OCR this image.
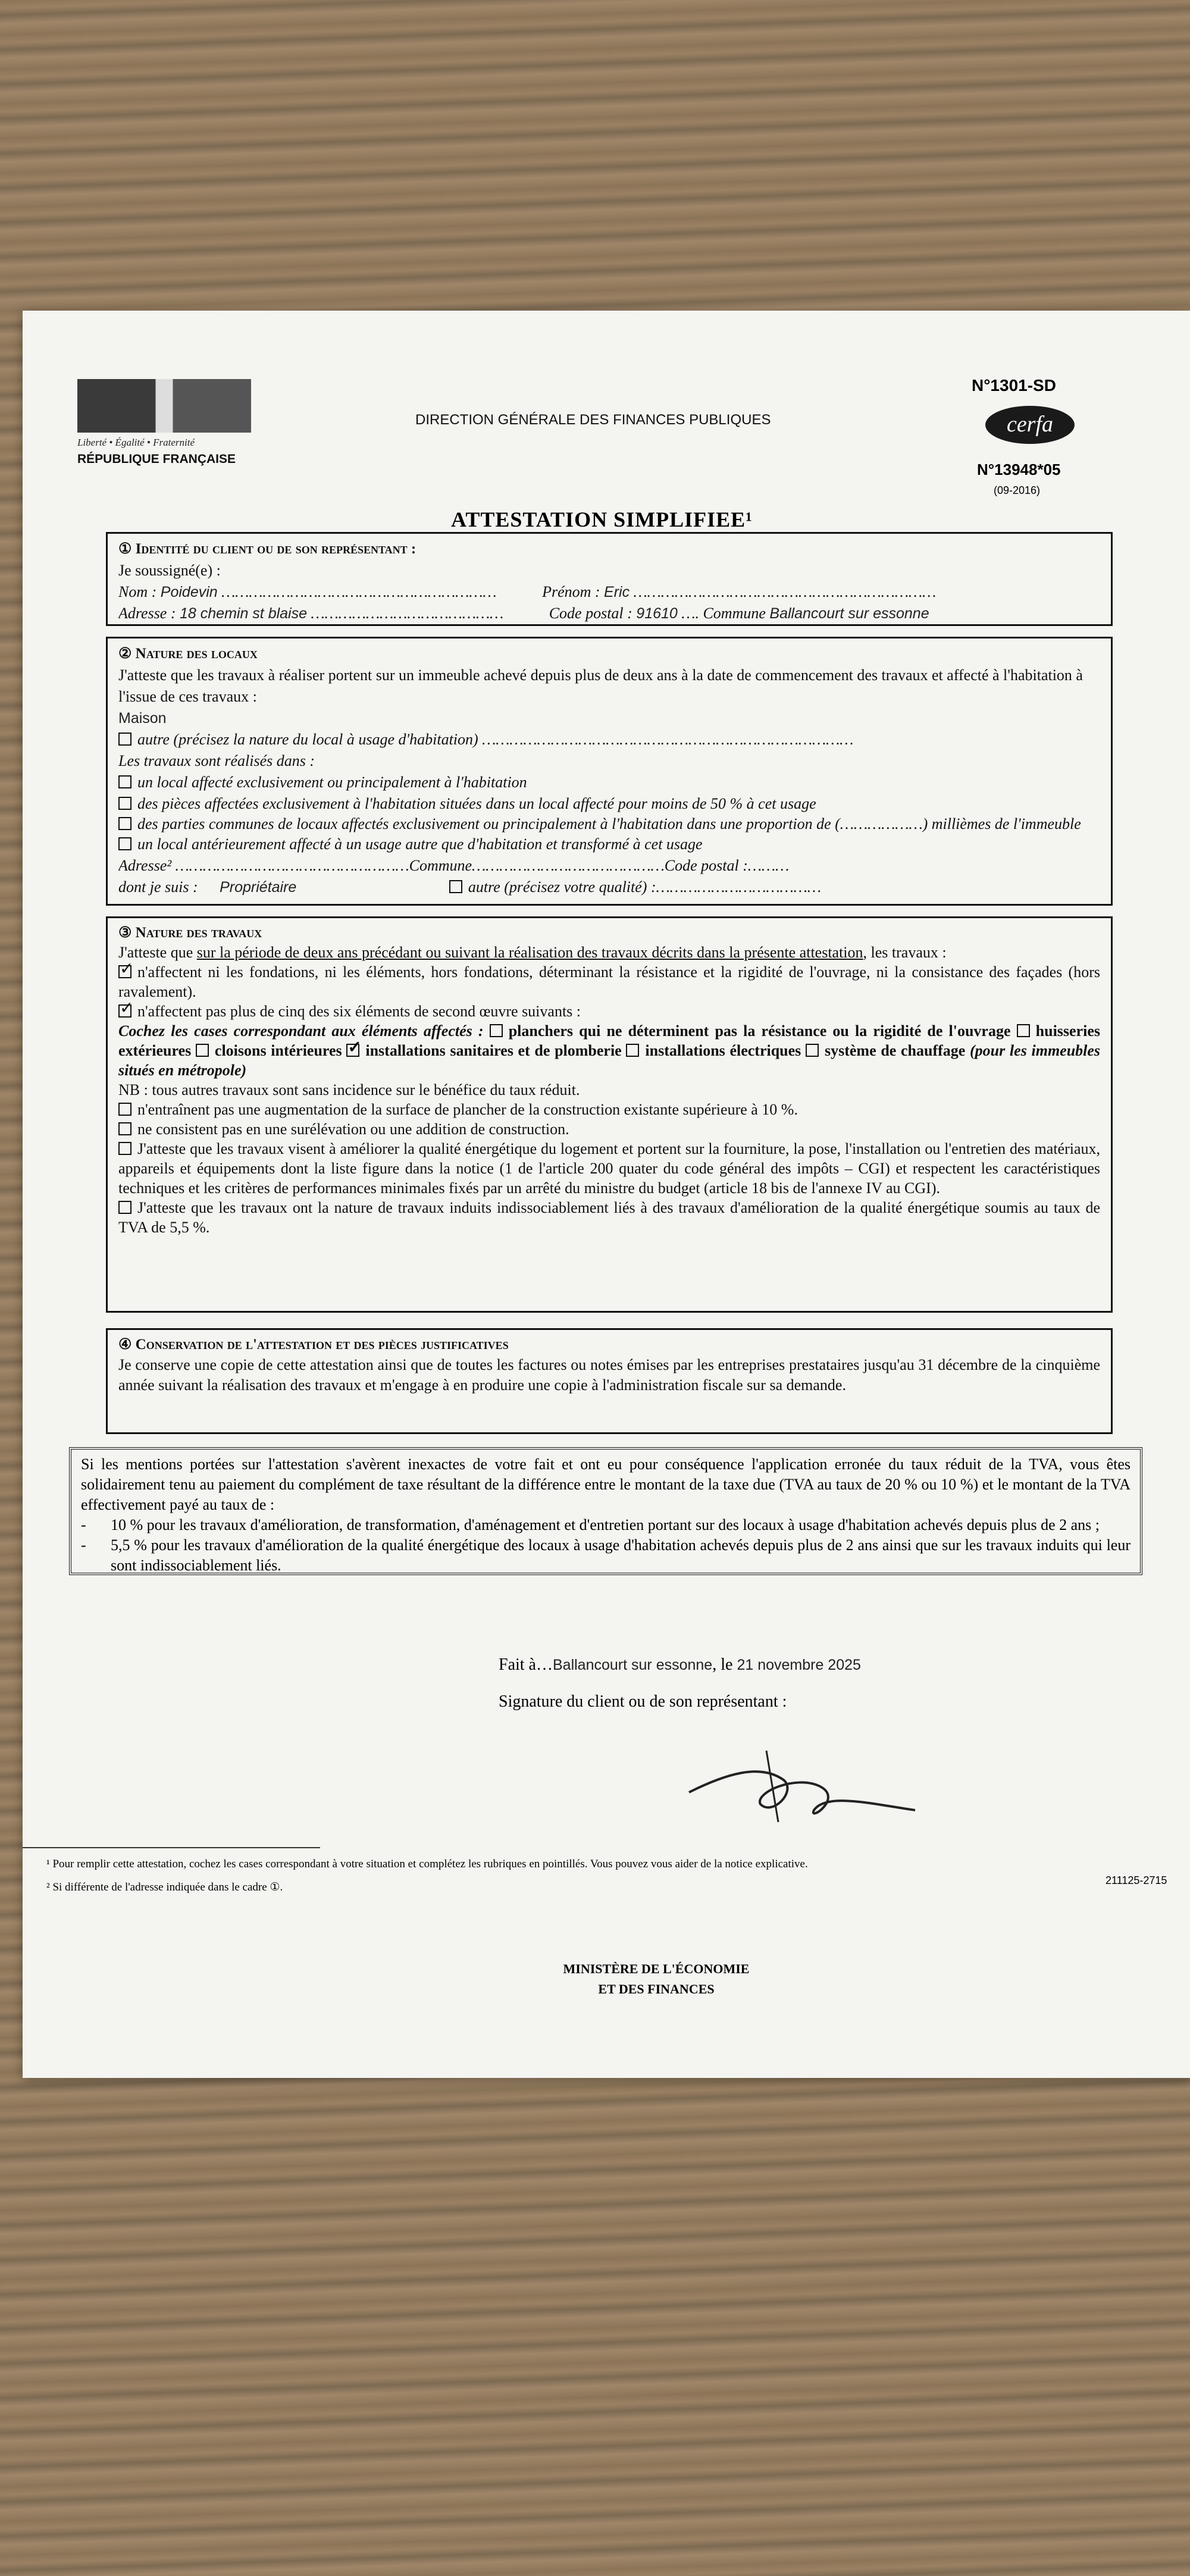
Liberté • Égalité • Fraternité
RÉPUBLIQUE FRANÇAISE
DIRECTION GÉNÉRALE DES FINANCES PUBLIQUES
N°1301-SD
cerfa
N°13948*05
(09-2016)
ATTESTATION SIMPLIFIEE¹
① Identité du client ou de son représentant :
Je soussigné(e) :
Nom : Poidevin ……………………………………………………	Prénom : Eric …………………………………………………………
Adresse : 18 chemin st blaise ……………………………………	Code postal : 91610 …. Commune Ballancourt sur essonne
② Nature des locaux
J'atteste que les travaux à réaliser portent sur un immeuble achevé depuis plus de deux ans à la date de commencement des travaux et affecté à l'habitation à l'issue de ces travaux :
Maison
autre (précisez la nature du local à usage d'habitation) ………………………………………………………………………
Les travaux sont réalisés dans :
un local affecté exclusivement ou principalement à l'habitation
des pièces affectées exclusivement à l'habitation situées dans un local affecté pour moins de 50 % à cet usage
des parties communes de locaux affectés exclusivement ou principalement à l'habitation dans une proportion de (………………) millièmes de l'immeuble
un local antérieurement affecté à un usage autre que d'habitation et transformé à cet usage
Adresse² ……………………………………………Commune……………………………………Code postal :………
dont je suis : Propriétaire	autre (précisez votre qualité) :………………………………
③ Nature des travaux
J'atteste que sur la période de deux ans précédant ou suivant la réalisation des travaux décrits dans la présente attestation, les travaux :
✓n'affectent ni les fondations, ni les éléments, hors fondations, déterminant la résistance et la rigidité de l'ouvrage, ni la consistance des façades (hors ravalement).
✓n'affectent pas plus de cinq des six éléments de second œuvre suivants :
Cochez les cases correspondant aux éléments affectés : planchers qui ne déterminent pas la résistance ou la rigidité de l'ouvrage huisseries extérieures cloisons intérieures ✓ installations sanitaires et de plomberie installations électriques système de chauffage (pour les immeubles situés en métropole)
NB : tous autres travaux sont sans incidence sur le bénéfice du taux réduit.
n'entraînent pas une augmentation de la surface de plancher de la construction existante supérieure à 10 %.
ne consistent pas en une surélévation ou une addition de construction.
J'atteste que les travaux visent à améliorer la qualité énergétique du logement et portent sur la fourniture, la pose, l'installation ou l'entretien des matériaux, appareils et équipements dont la liste figure dans la notice (1 de l'article 200 quater du code général des impôts – CGI) et respectent les caractéristiques techniques et les critères de performances minimales fixés par un arrêté du ministre du budget (article 18 bis de l'annexe IV au CGI).
J'atteste que les travaux ont la nature de travaux induits indissociablement liés à des travaux d'amélioration de la qualité énergétique soumis au taux de TVA de 5,5 %.
④ Conservation de l'attestation et des pièces justificatives
Je conserve une copie de cette attestation ainsi que de toutes les factures ou notes émises par les entreprises prestataires jusqu'au 31 décembre de la cinquième année suivant la réalisation des travaux et m'engage à en produire une copie à l'administration fiscale sur sa demande.
Si les mentions portées sur l'attestation s'avèrent inexactes de votre fait et ont eu pour conséquence l'application erronée du taux réduit de la TVA, vous êtes solidairement tenu au paiement du complément de taxe résultant de la différence entre le montant de la taxe due (TVA au taux de 20 % ou 10 %) et le montant de la TVA effectivement payé au taux de :
- 10 % pour les travaux d'amélioration, de transformation, d'aménagement et d'entretien portant sur des locaux à usage d'habitation achevés depuis plus de 2 ans ;
- 5,5 % pour les travaux d'amélioration de la qualité énergétique des locaux à usage d'habitation achevés depuis plus de 2 ans ainsi que sur les travaux induits qui leur sont indissociablement liés.
Fait à…Ballancourt sur essonne, le 21 novembre 2025
Signature du client ou de son représentant :
¹ Pour remplir cette attestation, cochez les cases correspondant à votre situation et complétez les rubriques en pointillés. Vous pouvez vous aider de la notice explicative.
² Si différente de l'adresse indiquée dans le cadre ①.
211125-2715
MINISTÈRE DE L'ÉCONOMIE ET DES FINANCES
